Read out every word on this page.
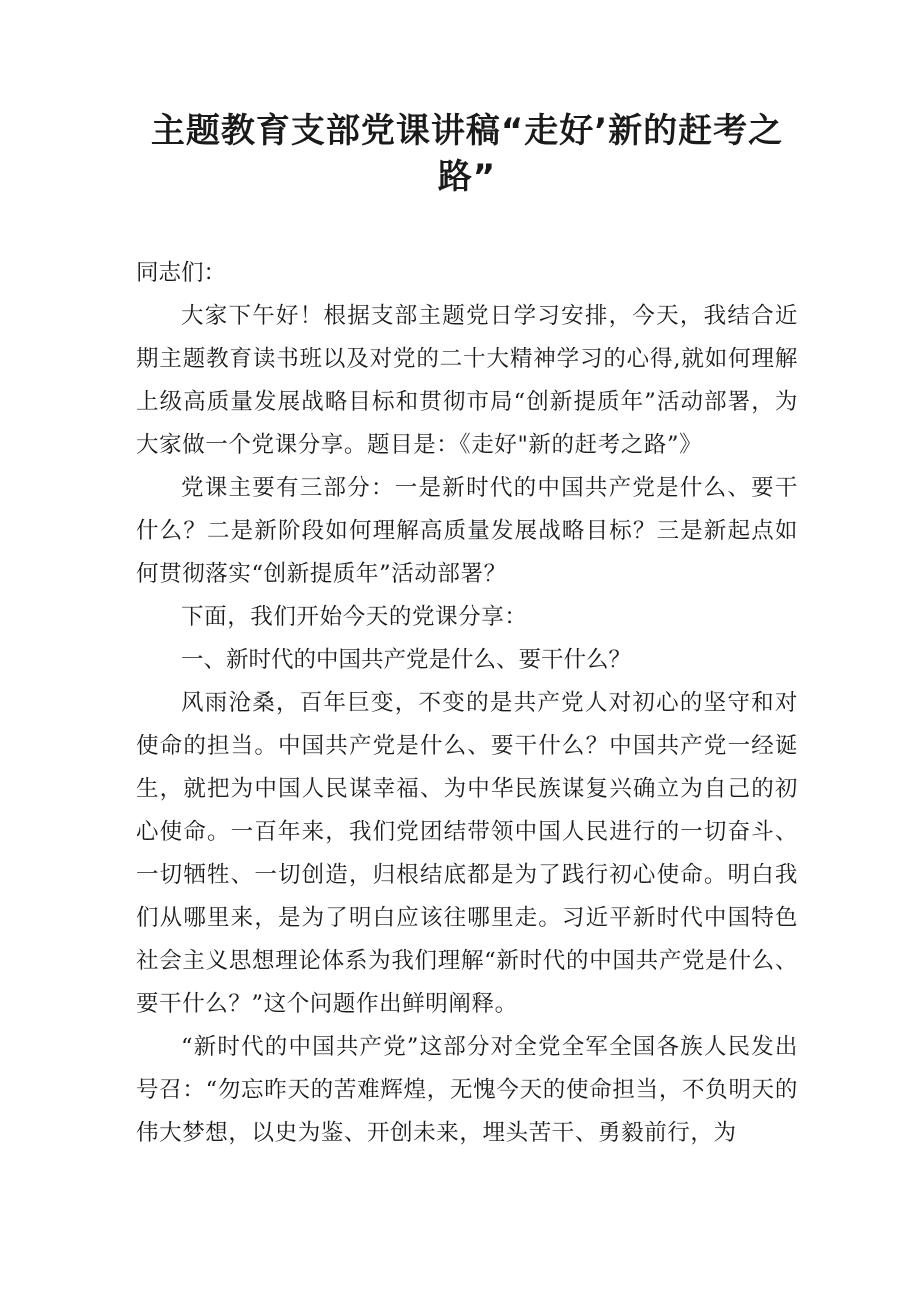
主题教育支部党课讲稿“走好’新的赶考之路”

同志们：

大家下午好！根据支部主题党日学习安排，今天，我结合近期主题教育读书班以及对党的二十大精神学习的心得,就如何理解上级高质量发展战略目标和贯彻市局“创新提质年”活动部署，为大家做一个党课分享。题目是：《走好"新的赶考之路”》

党课主要有三部分：一是新时代的中国共产党是什么、要干什么？二是新阶段如何理解高质量发展战略目标？三是新起点如何贯彻落实“创新提质年”活动部署？

下面，我们开始今天的党课分享：

一、新时代的中国共产党是什么、要干什么？

风雨沧桑，百年巨变，不变的是共产党人对初心的坚守和对使命的担当。中国共产党是什么、要干什么？中国共产党一经诞生，就把为中国人民谋幸福、为中华民族谋复兴确立为自己的初心使命。一百年来，我们党团结带领中国人民进行的一切奋斗、一切牺牲、一切创造，归根结底都是为了践行初心使命。明白我们从哪里来，是为了明白应该往哪里走。习近平新时代中国特色社会主义思想理论体系为我们理解“新时代的中国共产党是什么、要干什么？”这个问题作出鲜明阐释。

“新时代的中国共产党”这部分对全党全军全国各族人民发出号召：“勿忘昨天的苦难辉煌，无愧今天的使命担当，不负明天的伟大梦想，以史为鉴、开创未来，埋头苦干、勇毅前行，为
